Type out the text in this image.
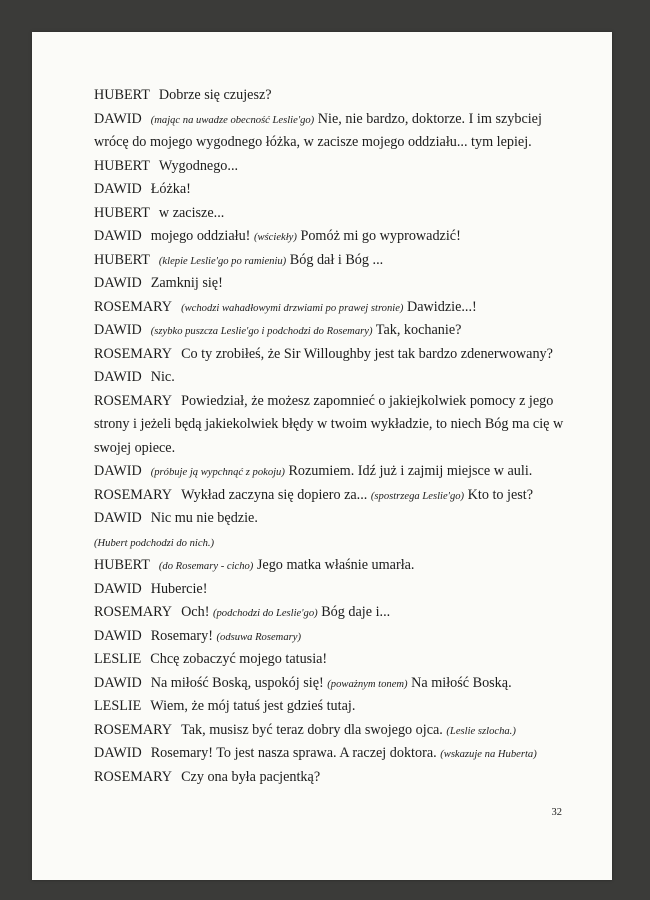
HUBERT Dobrze się czujesz?
DAWID (mając na uwadze obecność Leslie'go) Nie, nie bardzo, doktorze. I im szybciej
wrócę do mojego wygodnego łóżka, w zacisze mojego oddziału... tym lepiej.
HUBERT Wygodnego...
DAWID Łóżka!
HUBERT w zacisze...
DAWID mojego oddziału! (wściekły) Pomóż mi go wyprowadzić!
HUBERT (klepie Leslie'go po ramieniu) Bóg dał i Bóg ...
DAWID Zamknij się!
ROSEMARY (wchodzi wahadłowymi drzwiami po prawej stronie) Dawidzie...!
DAWID (szybko puszcza Leslie'go i podchodzi do Rosemary) Tak, kochanie?
ROSEMARY Co ty zrobiłeś, że Sir Willoughby jest tak bardzo zdenerwowany?
DAWID Nic.
ROSEMARY Powiedział, że możesz zapomnieć o jakiejkolwiek pomocy z jego
strony i jeżeli będą jakiekolwiek błędy w twoim wykładzie, to niech Bóg ma cię w
swojej opiece.
DAWID (próbuje ją wypchnąć z pokoju) Rozumiem. Idź już i zajmij miejsce w auli.
ROSEMARY Wykład zaczyna się dopiero za... (spostrzega Leslie'go) Kto to jest?
DAWID Nic mu nie będzie.
(Hubert podchodzi do nich.)
HUBERT (do Rosemary - cicho) Jego matka właśnie umarła.
DAWID Hubercie!
ROSEMARY Och! (podchodzi do Leslie'go) Bóg daje i...
DAWID Rosemary! (odsuwa Rosemary)
LESLIE Chcę zobaczyć mojego tatusia!
DAWID Na miłość Boską, uspokój się! (poważnym tonem) Na miłość Boską.
LESLIE Wiem, że mój tatuś jest gdzieś tutaj.
ROSEMARY Tak, musisz być teraz dobry dla swojego ojca. (Leslie szlocha.)
DAWID Rosemary! To jest nasza sprawa. A raczej doktora. (wskazuje na Huberta)
ROSEMARY Czy ona była pacjentką?
32
